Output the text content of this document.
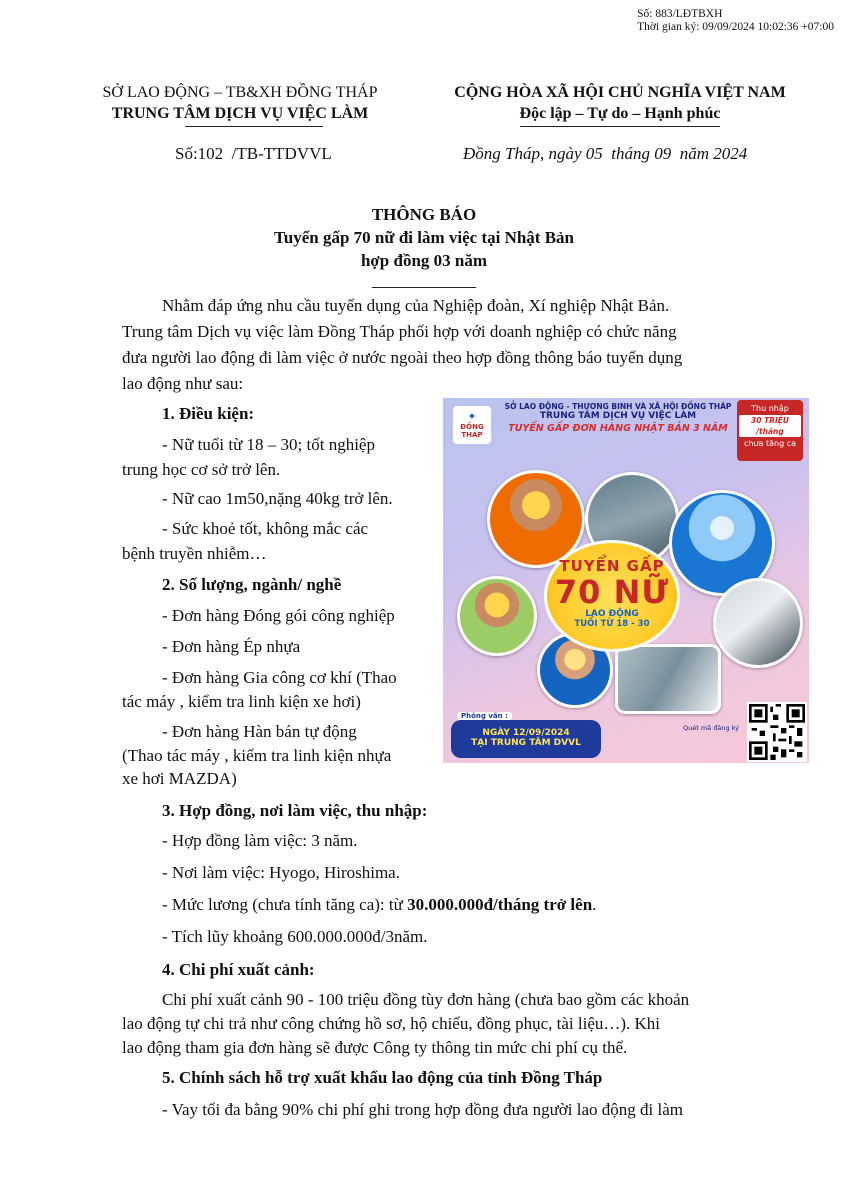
Số: 883/LĐTBXH
Thời gian ký: 09/09/2024 10:02:36 +07:00
SỞ LAO ĐỘNG – TB&XH ĐỒNG THÁP
TRUNG TÂM DỊCH VỤ VIỆC LÀM
CỘNG HÒA XÃ HỘI CHỦ NGHĨA VIỆT NAM
Độc lập – Tự do – Hạnh phúc
Số:102  /TB-TTDVVL	Đồng Tháp, ngày 05  tháng 09  năm 2024
THÔNG BÁO
Tuyển gấp 70 nữ đi làm việc tại Nhật Bản
hợp đồng 03 năm
Nhằm đáp ứng nhu cầu tuyển dụng của Nghiệp đoàn, Xí nghiệp Nhật Bản.
Trung tâm Dịch vụ việc làm Đồng Tháp phối hợp với doanh nghiệp có chức năng
đưa người lao động đi làm việc ở nước ngoài theo hợp đồng thông báo tuyển dụng
lao động như sau:
1. Điều kiện:
- Nữ tuổi từ 18 – 30; tốt nghiệp
trung học cơ sở trở lên.
- Nữ cao 1m50,nặng 40kg trở lên.
- Sức khoẻ tốt, không mắc các
bệnh truyền nhiễm…
2. Số lượng, ngành/ nghề
- Đơn hàng Đóng gói công nghiệp
- Đơn hàng Ép nhựa
- Đơn hàng Gia công cơ khí (Thao
tác máy , kiểm tra linh kiện xe hơi)
- Đơn hàng Hàn bán tự động
(Thao tác máy , kiểm tra linh kiện nhựa
xe hơi MAZDA)
3. Hợp đồng, nơi làm việc, thu nhập:
- Hợp đồng làm việc: 3 năm.
- Nơi làm việc: Hyogo, Hiroshima.
- Mức lương (chưa tính tăng ca): từ 30.000.000đ/tháng trở lên.
- Tích lũy khoảng 600.000.000đ/3năm.
4. Chi phí xuất cảnh:
Chi phí xuất cảnh 90 - 100 triệu đồng tùy đơn hàng (chưa bao gồm các khoản
lao động tự chi trả như công chứng hồ sơ, hộ chiếu, đồng phục, tài liệu…). Khi
lao động tham gia đơn hàng sẽ được Công ty thông tin mức chi phí cụ thể.
5. Chính sách hỗ trợ xuất khẩu lao động của tỉnh Đồng Tháp
- Vay tối đa bằng 90% chi phí ghi trong hợp đồng đưa người lao động đi làm
✦
ĐỒNG THÁP
SỞ LAO ĐỘNG - THƯƠNG BINH VÀ XÃ HỘI ĐỒNG THÁP
TRUNG TÂM DỊCH VỤ VIỆC LÀM
TUYỂN GẤP ĐƠN HÀNG NHẬT BẢN 3 NĂM
Thu nhập
30 TRIỆU /tháng
chưa tăng ca
TUYỂN GẤP
70 NỮ
LAO ĐỘNG
TUỔI TỪ 18 - 30
Phỏng vấn :
NGÀY 12/09/2024
TẠI TRUNG TÂM DVVL
Quét mã đăng ký
